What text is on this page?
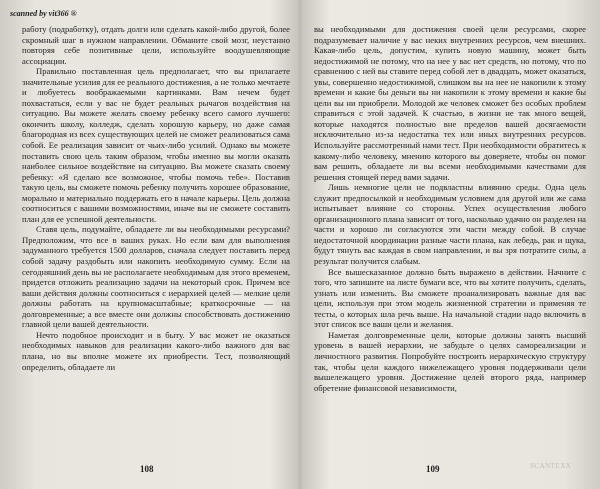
scanned by vit366 ®

работу (подработку), отдать долги или сделать какой-либо другой, более скромный шаг в нужном направлении. Обманите свой мозг, неустанно повторяя себе позитивные цели, используйте воодушевляющие ассоциации.

Правильно поставленная цель предполагает, что вы прилагаете значительные усилия для ее реального достижения, а не только мечтаете и любуетесь воображаемыми картинками. Вам нечем будет похвастаться, если у вас не будет реальных рычагов воздействия на ситуацию. Вы можете желать своему ребенку всего самого лучшего: окончить школу, колледж, сделать хорошую карьеру, но даже самая благородная из всех существующих целей не сможет реализоваться сама собой. Ее реализация зависит от чьих-либо усилий. Однако вы можете поставить свою цель таким образом, чтобы именно вы могли оказать наиболее сильное воздействие на ситуацию. Вы можете сказать своему ребенку: «Я сделаю все возможное, чтобы помочь тебе». Поставив такую цель, вы сможете помочь ребенку получить хорошее образование, морально и материально поддержать его в начале карьеры. Цель должна соотноситься с вашими возможностями, иначе вы не сможете составить план для ее успешной деятельности.

Ставя цель, подумайте, обладаете ли вы необходимыми ресурсами? Предположим, что все в ваших руках. Но если вам для выполнения задуманного требуется 1500 долларов, сначала следует поставить перед собой задачу раздобыть или накопить необходимую сумму. Если на сегодняшний день вы не располагаете необходимым для этого временем, придется отложить реализацию задачи на некоторый срок. Причем все ваши действия должны соотноситься с иерархией целей — мелкие цели должны работать на крупномасштабные; краткосрочные — на долговременные; а все вместе они должны способствовать достижению главной цели вашей деятельности.

Нечто подобное происходит и в быту. У вас может не оказаться необходимых навыков для реализации какого-либо важного для вас плана, но вы вполне можете их приобрести. Тест, позволяющий определить, обладаете ли

108

вы необходимыми для достижения своей цели ресурсами, скорее подразумевает наличие у вас неких внутренних ресурсов, чем внешних. Какая-либо цель, допустим, купить новую машину, может быть недостижимой не потому, что на нее у вас нет средств, но потому, что по сравнению с ней вы ставите перед собой лет в двадцать, может оказаться, увы, совершенно недостижимой, слишком вы на нее не накопили к этому времени и какие бы деньги вы ни накопили к этому времени и какие бы цели вы ни приобрели. Молодой же человек сможет без особых проблем справиться с этой задачей. К счастью, в жизни не так много вещей, которые находятся полностью вне пределов вашей досягаемости исключительно из-за недостатка тех или иных внутренних ресурсов. Используйте рассмотренный нами тест. При необходимости обратитесь к какому-либо человеку, мнению которого вы доверяете, чтобы он помог вам решить, обладаете ли вы всеми необходимыми качествами для решения стоящей перед вами задачи.

Лишь немногие цели не подвластны влиянию среды. Одна цель служит предпосылкой и необходимым условием для другой или же сама испытывает влияние со стороны. Успех осуществления любого организационного плана зависит от того, насколько удачно он разделен на части и хорошо ли согласуются эти части между собой. В случае недостаточной координации разные части плана, как лебедь, рак и щука, будут тянуть вас каждая в свом направлении, и вы зря потратите силы, а результат получится слабым.

Все вышесказанное должно быть выражено в действии. Начните с того, что запишите на листе бумаги все, что вы хотите получить, сделать, узнать или изменить. Вы сможете проанализировать важные для вас цели, используя при этом модель жизненной стратегии и применяя те тесты, о которых шла речь выше. На начальной стадии надо включить в этот список все ваши цели и желания.

Наметая долговременные цели, которые должны занять высший уровень в вашей иерархии, не забудьте о целях самореализации и личностного развития. Попробуйте построить иерархическую структуру так, чтобы цели каждого нижележащего уровня поддерживали цели вышележащего уровня. Достижение целей второго ряда, например обретение финансовой независимости,

109	SCANTEXX
